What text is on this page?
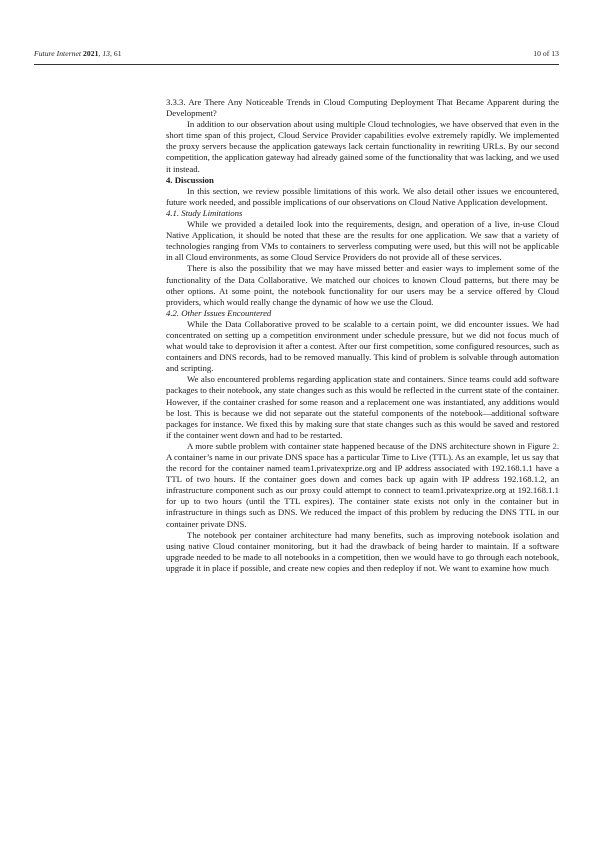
Future Internet 2021, 13, 61	10 of 13

3.3.3. Are There Any Noticeable Trends in Cloud Computing Deployment That Became Apparent during the Development?

In addition to our observation about using multiple Cloud technologies, we have observed that even in the short time span of this project, Cloud Service Provider capabilities evolve extremely rapidly. We implemented the proxy servers because the application gateways lack certain functionality in rewriting URLs. By our second competition, the application gateway had already gained some of the functionality that was lacking, and we used it instead.

4. Discussion

In this section, we review possible limitations of this work. We also detail other issues we encountered, future work needed, and possible implications of our observations on Cloud Native Application development.

4.1. Study Limitations

While we provided a detailed look into the requirements, design, and operation of a live, in-use Cloud Native Application, it should be noted that these are the results for one application. We saw that a variety of technologies ranging from VMs to containers to serverless computing were used, but this will not be applicable in all Cloud environments, as some Cloud Service Providers do not provide all of these services.

There is also the possibility that we may have missed better and easier ways to implement some of the functionality of the Data Collaborative. We matched our choices to known Cloud patterns, but there may be other options. At some point, the notebook functionality for our users may be a service offered by Cloud providers, which would really change the dynamic of how we use the Cloud.

4.2. Other Issues Encountered

While the Data Collaborative proved to be scalable to a certain point, we did encounter issues. We had concentrated on setting up a competition environment under schedule pressure, but we did not focus much of what would take to deprovision it after a contest. After our first competition, some configured resources, such as containers and DNS records, had to be removed manually. This kind of problem is solvable through automation and scripting.

We also encountered problems regarding application state and containers. Since teams could add software packages to their notebook, any state changes such as this would be reflected in the current state of the container. However, if the container crashed for some reason and a replacement one was instantiated, any additions would be lost. This is because we did not separate out the stateful components of the notebook—additional software packages for instance. We fixed this by making sure that state changes such as this would be saved and restored if the container went down and had to be restarted.

A more subtle problem with container state happened because of the DNS architecture shown in Figure 2. A container’s name in our private DNS space has a particular Time to Live (TTL). As an example, let us say that the record for the container named team1.privatexprize.org and IP address associated with 192.168.1.1 have a TTL of two hours. If the container goes down and comes back up again with IP address 192.168.1.2, an infrastructure component such as our proxy could attempt to connect to team1.privatexprize.org at 192.168.1.1 for up to two hours (until the TTL expires). The container state exists not only in the container but in infrastructure in things such as DNS. We reduced the impact of this problem by reducing the DNS TTL in our container private DNS.

The notebook per container architecture had many benefits, such as improving notebook isolation and using native Cloud container monitoring, but it had the drawback of being harder to maintain. If a software upgrade needed to be made to all notebooks in a competition, then we would have to go through each notebook, upgrade it in place if possible, and create new copies and then redeploy if not. We want to examine how much
